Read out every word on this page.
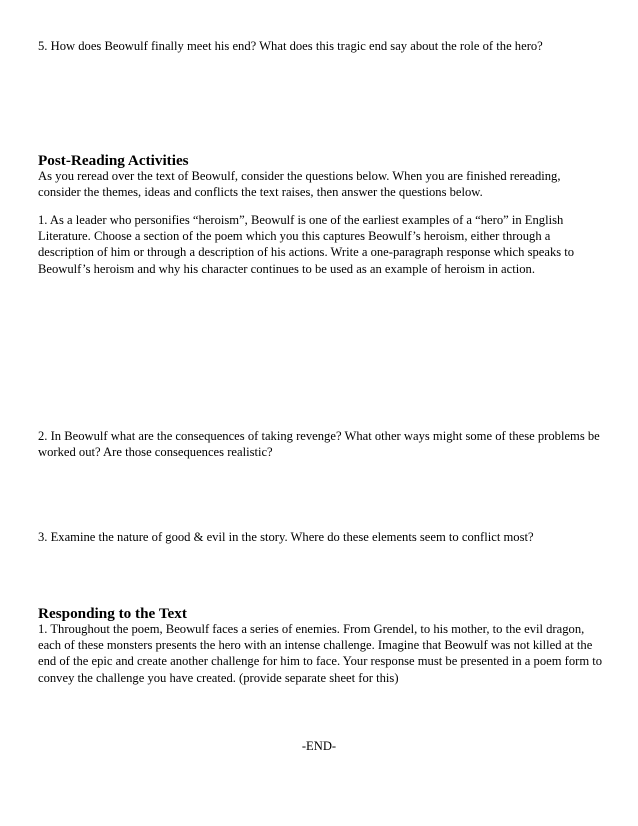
5. How does Beowulf finally meet his end? What does this tragic end say about the role of the hero?

Post-Reading Activities

As you reread over the text of Beowulf, consider the questions below. When you are finished rereading, consider the themes, ideas and conflicts the text raises, then answer the questions below.

1. As a leader who personifies “heroism”, Beowulf is one of the earliest examples of a “hero” in English Literature. Choose a section of the poem which you this captures Beowulf’s heroism, either through a description of him or through a description of his actions. Write a one-paragraph response which speaks to Beowulf’s heroism and why his character continues to be used as an example of heroism in action.

2. In Beowulf what are the consequences of taking revenge? What other ways might some of these problems be worked out? Are those consequences realistic?

3. Examine the nature of good & evil in the story. Where do these elements seem to conflict most?

Responding to the Text

1. Throughout the poem, Beowulf faces a series of enemies. From Grendel, to his mother, to the evil dragon, each of these monsters presents the hero with an intense challenge. Imagine that Beowulf was not killed at the end of the epic and create another challenge for him to face. Your response must be presented in a poem form to convey the challenge you have created. (provide separate sheet for this)

-END-
